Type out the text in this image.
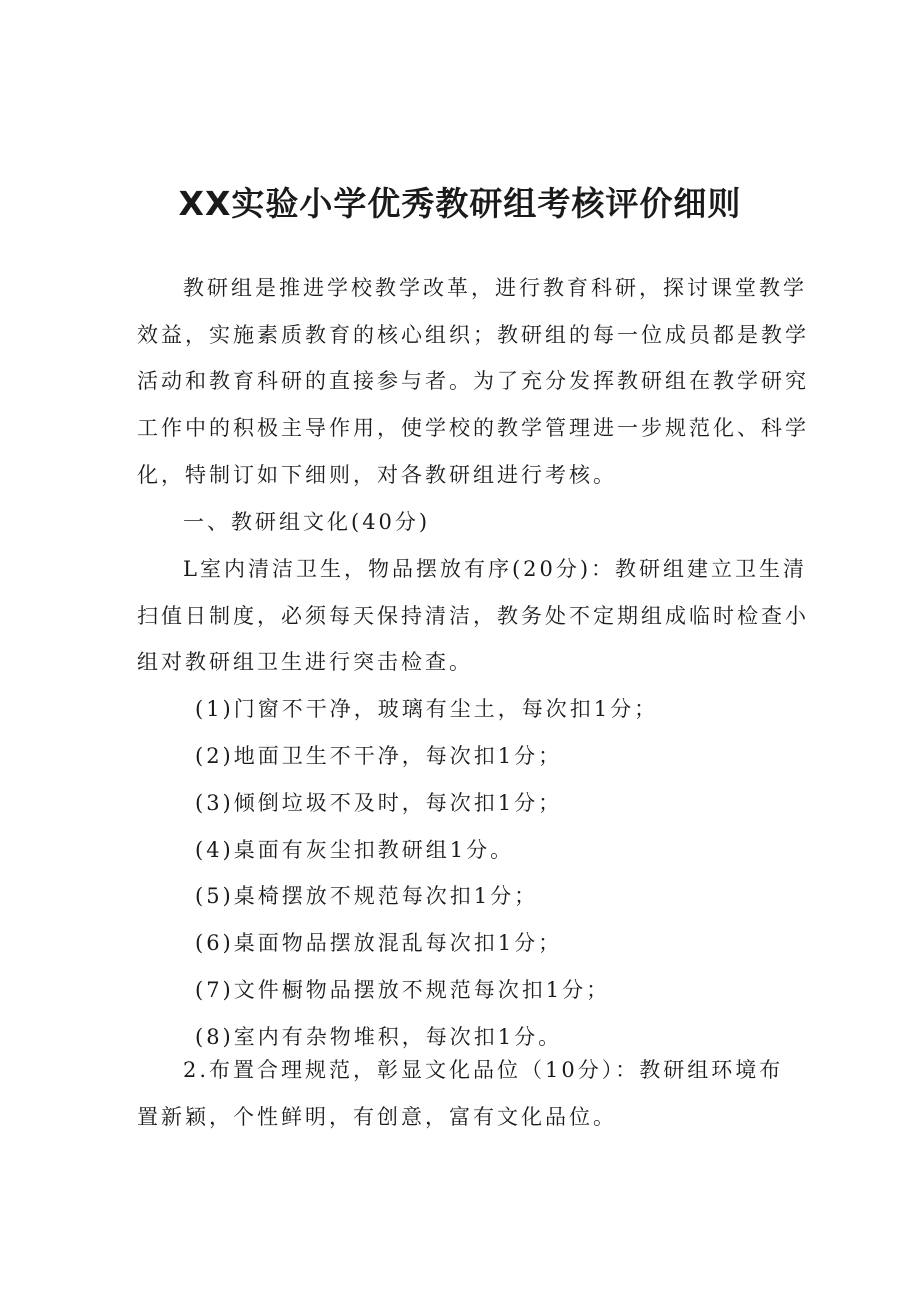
XX实验小学优秀教研组考核评价细则

教研组是推进学校教学改革，进行教育科研，探讨课堂教学

效益，实施素质教育的核心组织；教研组的每一位成员都是教学

活动和教育科研的直接参与者。为了充分发挥教研组在教学研究

工作中的积极主导作用，使学校的教学管理进一步规范化、科学

化，特制订如下细则，对各教研组进行考核。

一、教研组文化(40分)

L室内清洁卫生，物品摆放有序(20分)：教研组建立卫生清

扫值日制度，必须每天保持清洁，教务处不定期组成临时检查小

组对教研组卫生进行突击检查。

(1)门窗不干净，玻璃有尘土，每次扣1分；

(2)地面卫生不干净，每次扣1分；

(3)倾倒垃圾不及时，每次扣1分；

(4)桌面有灰尘扣教研组1分。

(5)桌椅摆放不规范每次扣1分；

(6)桌面物品摆放混乱每次扣1分；

(7)文件橱物品摆放不规范每次扣1分；

(8)室内有杂物堆积，每次扣1分。

2.布置合理规范，彰显文化品位（10分）：教研组环境布

置新颖，个性鲜明，有创意，富有文化品位。
